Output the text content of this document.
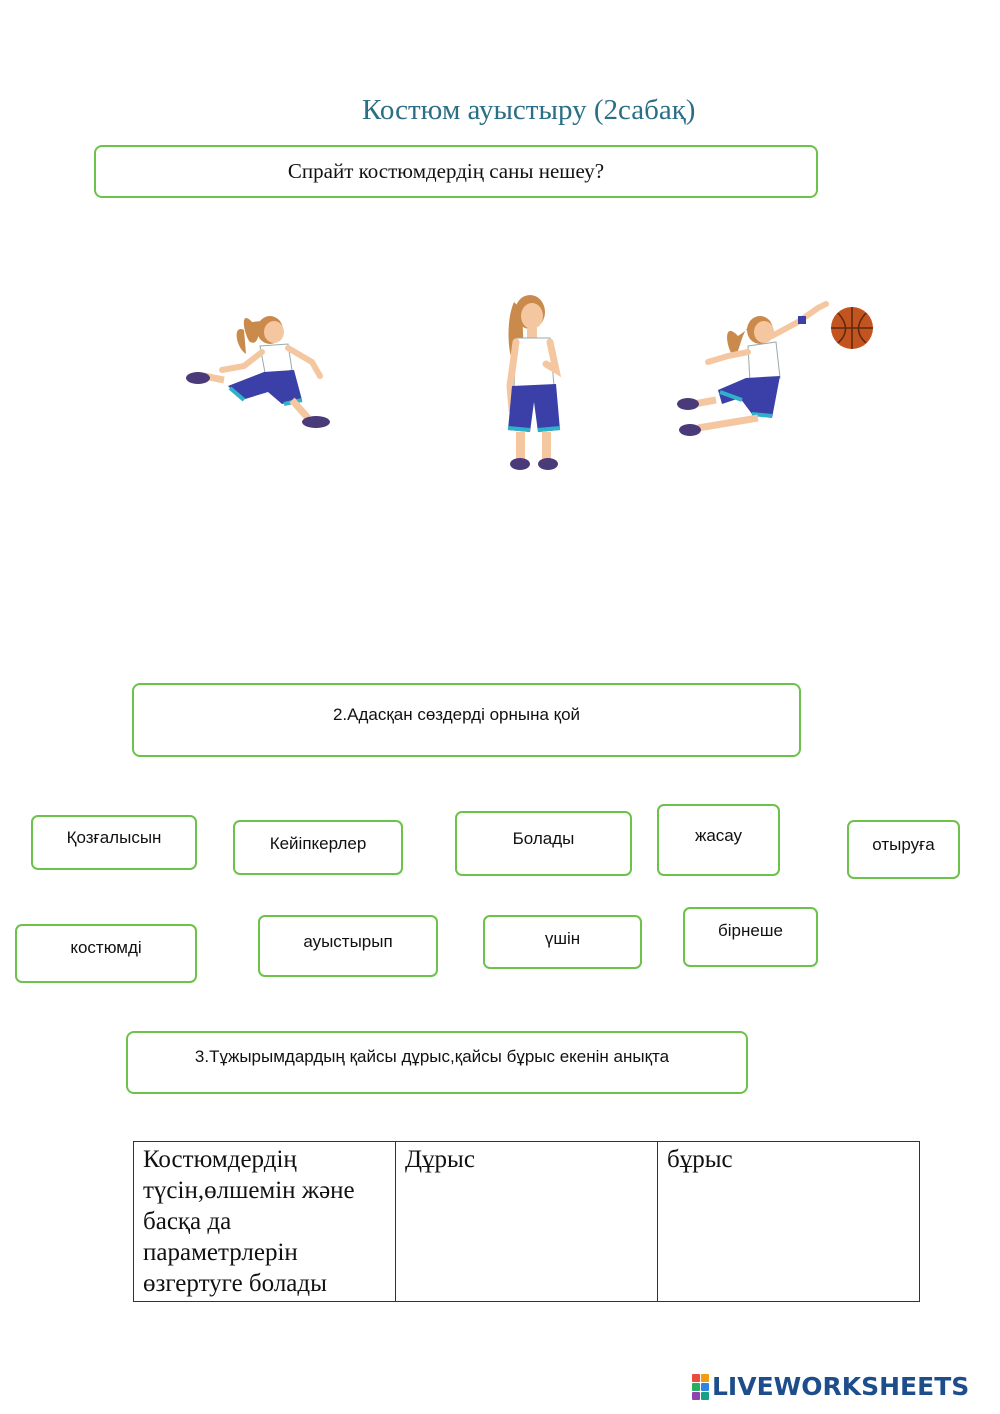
Костюм ауыстыру (2сабақ)
Спрайт костюмдердің саны нешеу?
2.Адасқан сөздерді орнына қой
Қозғалысын	Кейіпкерлер	Болады	жасау	отыруға
костюмді	ауыстырып	үшін	бірнеше
3.Тұжырымдардың қайсы дұрыс,қайсы бұрыс екенін анықта
Костюмдердің түсін,өлшемін және басқа да параметрлерін өзгертуге болады	Дұрыс	бұрыс
LIVEWORKSHEETS
